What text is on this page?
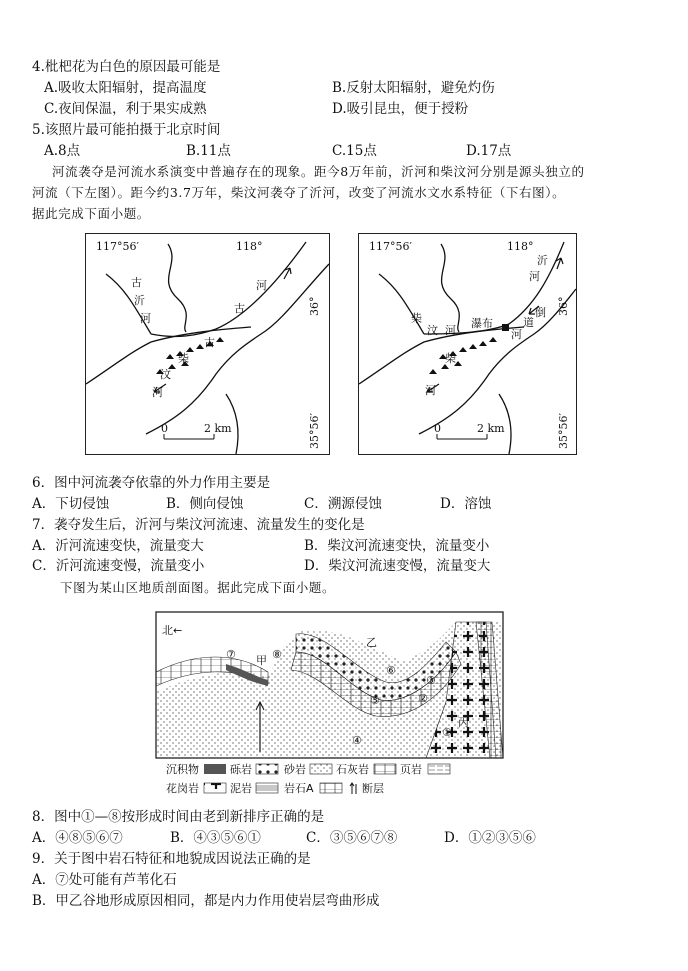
4.枇杷花为白色的原因最可能是
A.吸收太阳辐射，提高温度	B.反射太阳辐射，避免灼伤
C.夜间保温，利于果实成熟	D.吸引昆虫，便于授粉
5.该照片最可能拍摄于北京时间
A.8点	B.11点	C.15点	D.17点
河流袭夺是河流水系演变中普遍存在的现象。距今8万年前，沂河和柴汶河分别是源头独立的
河流（下左图）。距今约3.7万年，柴汶河袭夺了沂河，改变了河流水文水系特征（下右图）。
据此完成下面小题。
0	2 km
117°56′	118°
36°
35°56′
古
沂
河
河
古
古
柴
汶
河
0	2 km
117°56′	118°
36°
35°56′
沂
河
柴
汶 河
瀑布
河
道
倒
柴
河
6．图中河流袭夺依靠的外力作用主要是
A．下切侵蚀	B．侧向侵蚀	C．溯源侵蚀	D．溶蚀
7．袭夺发生后，沂河与柴汶河流速、流量发生的变化是
A．沂河流速变快，流量变大	B．柴汶河流速变快，流量变小
C．沂河流速变慢，流量变小	D．柴汶河流速变慢，流量变大
下图为某山区地质剖面图。据此完成下面小题。
北←
甲
乙
丙
⑦	⑧
⑥
⑤
④
③
②
①
沉积物	砾岩	砂岩	石灰岩	页岩
花岗岩	泥岩	岩石A	断层
8．图中①—⑧按形成时间由老到新排序正确的是
A．④⑧⑤⑥⑦	B．④③⑤⑥①	C．③⑤⑥⑦⑧	D．①②③⑤⑥
9．关于图中岩石特征和地貌成因说法正确的是
A．⑦处可能有芦苇化石
B．甲乙谷地形成原因相同，都是内力作用使岩层弯曲形成
